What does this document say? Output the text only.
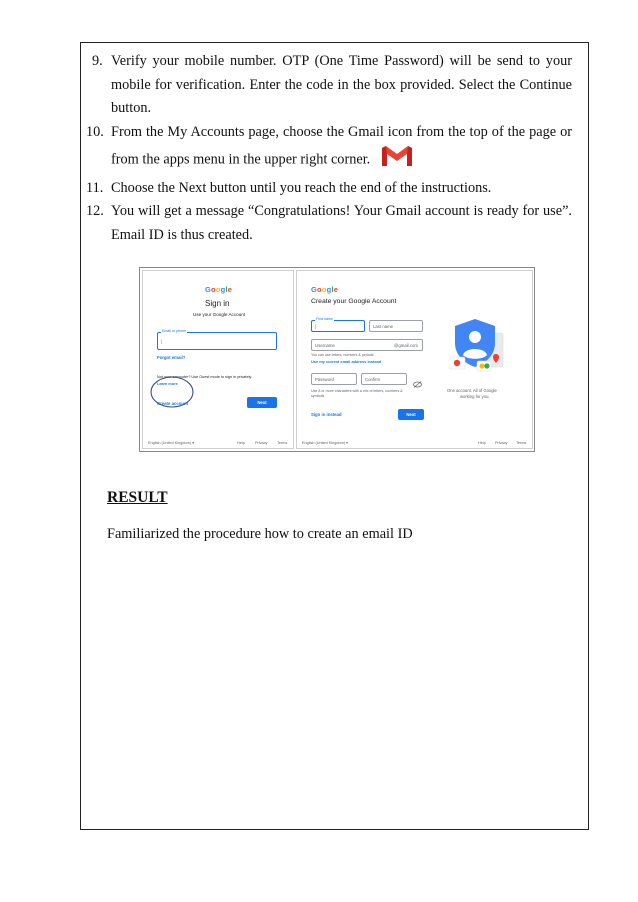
9. Verify your mobile number. OTP (One Time Password) will be send to your mobile for verification. Enter the code in the box provided. Select the Continue button.
10. From the My Accounts page, choose the Gmail icon from the top of the page or from the apps menu in the upper right corner.
11. Choose the Next button until you reach the end of the instructions.
12. You will get a message “Congratulations! Your Gmail account is ready for use”. Email ID is thus created.
Google
Sign in
Use your Google Account
Email or phone
|
Forgot email?
Not your computer? Use Guest mode to sign in privately.
Learn more
Create account	Next
English (United Kingdom) ▾	Help	Privacy	Terms
Google
Create your Google Account
First name
|	Last name
Username	@gmail.com
You can use letters, numbers & periods
Use my current email address instead
Password	Confirm
Use 8 or more characters with a mix of letters, numbers & symbols
Sign in instead	Next
One account. All of Google
working for you.
English (United Kingdom) ▾	Help Privacy Terms
RESULT
Familiarized the procedure how to create an email ID
